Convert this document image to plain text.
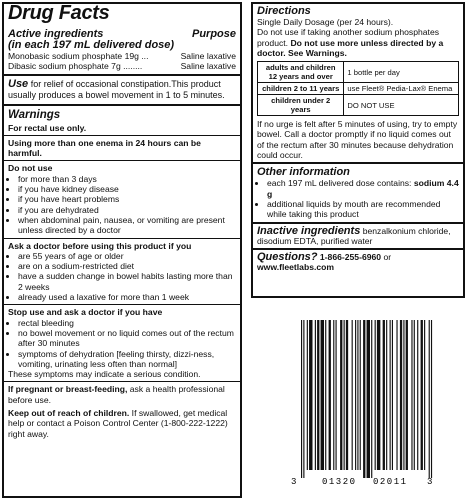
Drug Facts
Active ingredients	Purpose
(in each 197 mL delivered dose)
Monobasic sodium phosphate 19g ...	Saline laxative
Dibasic sodium phosphate 7g ........	Saline laxative
Use for relief of occasional constipation.This product usually produces a bowel movement in 1 to 5 minutes.
Warnings
For rectal use only.
Using more than one enema in 24 hours can be harmful.
Do not use
• for more than 3 days
• if you have kidney disease
• if you have heart problems
• if you are dehydrated
• when abdominal pain, nausea, or vomiting are present unless directed by a doctor
Ask a doctor before using this product if you
• are 55 years of age or older
• are on a sodium-restricted diet
• have a sudden change in bowel habits lasting more than 2 weeks
• already used a laxative for more than 1 week
Stop use and ask a doctor if you have
• rectal bleeding
• no bowel movement or no liquid comes out of the rectum after 30 minutes
• symptoms of dehydration [feeling thirsty, dizzi-ness, vomiting, urinating less often than normal]
These symptoms may indicate a serious condition.
If pregnant or breast-feeding, ask a health professional before use.
Keep out of reach of children. If swallowed, get medical help or contact a Poison Control Center (1-800-222-1222) right away.
Directions
Single Daily Dosage (per 24 hours).
Do not use if taking another sodium phosphates product. Do not use more unless directed by a doctor. See Warnings.
adults and children 12 years and over	1 bottle per day
children 2 to 11 years	use Fleet® Pedia-Lax® Enema
children under 2 years	DO NOT USE
If no urge is felt after 5 minutes of using, try to empty bowel. Call a doctor promptly if no liquid comes out of the rectum after 30 minutes because dehydration could occur.
Other information
• each 197 mL delivered dose contains: sodium 4.4 g
• additional liquids by mouth are recommended while taking this product
Inactive ingredients benzalkonium chloride, disodium EDTA, purified water
Questions? 1-866-255-6960 or
www.fleetlabs.com
3	01320 02011 3
